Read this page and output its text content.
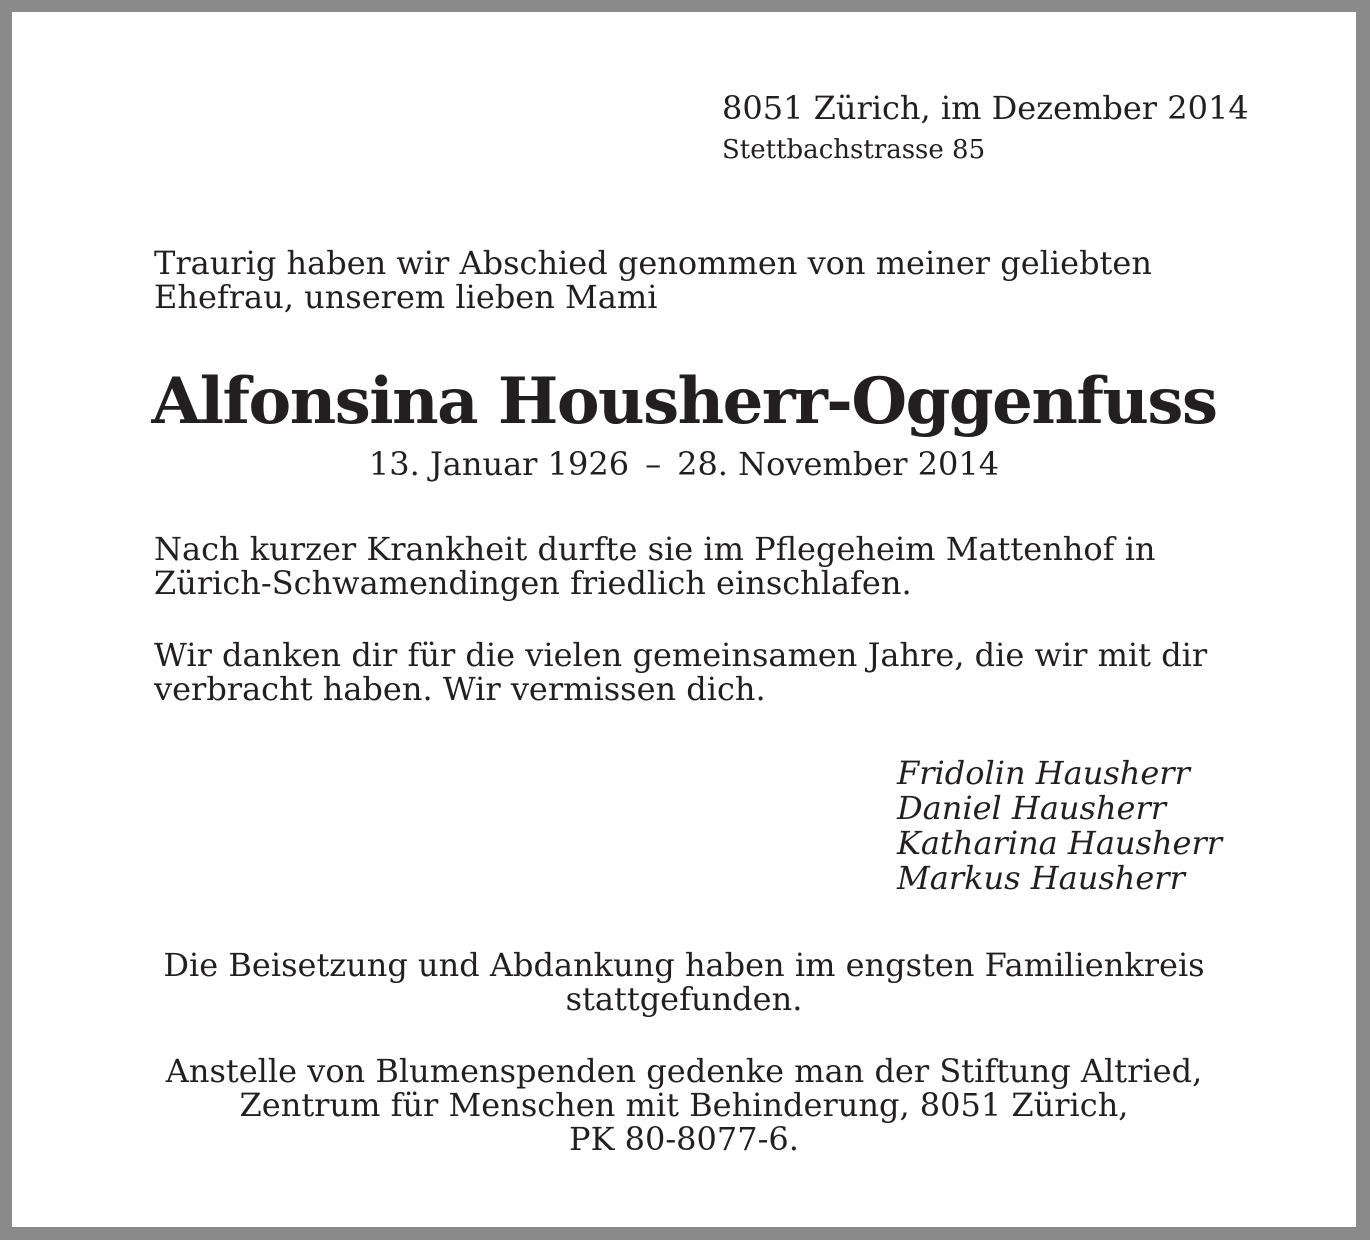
8051 Zürich, im Dezember 2014

Stettbachstrasse 85

Traurig haben wir Abschied genommen von meiner geliebten
Ehefrau, unserem lieben Mami
Alfonsina Housherr-Oggenfuss
13. Januar 1926 – 28. November 2014
Nach kurzer Krankheit durfte sie im Pflegeheim Mattenhof in
Zürich-Schwamendingen friedlich einschlafen.
Wir danken dir für die vielen gemeinsamen Jahre, die wir mit dir
verbracht haben. Wir vermissen dich.
Fridolin Hausherr
Daniel Hausherr
Katharina Hausherr
Markus Hausherr
Die Beisetzung und Abdankung haben im engsten Familienkreis
stattgefunden.
Anstelle von Blumenspenden gedenke man der Stiftung Altried,
Zentrum für Menschen mit Behinderung, 8051 Zürich,
PK 80-8077-6.
